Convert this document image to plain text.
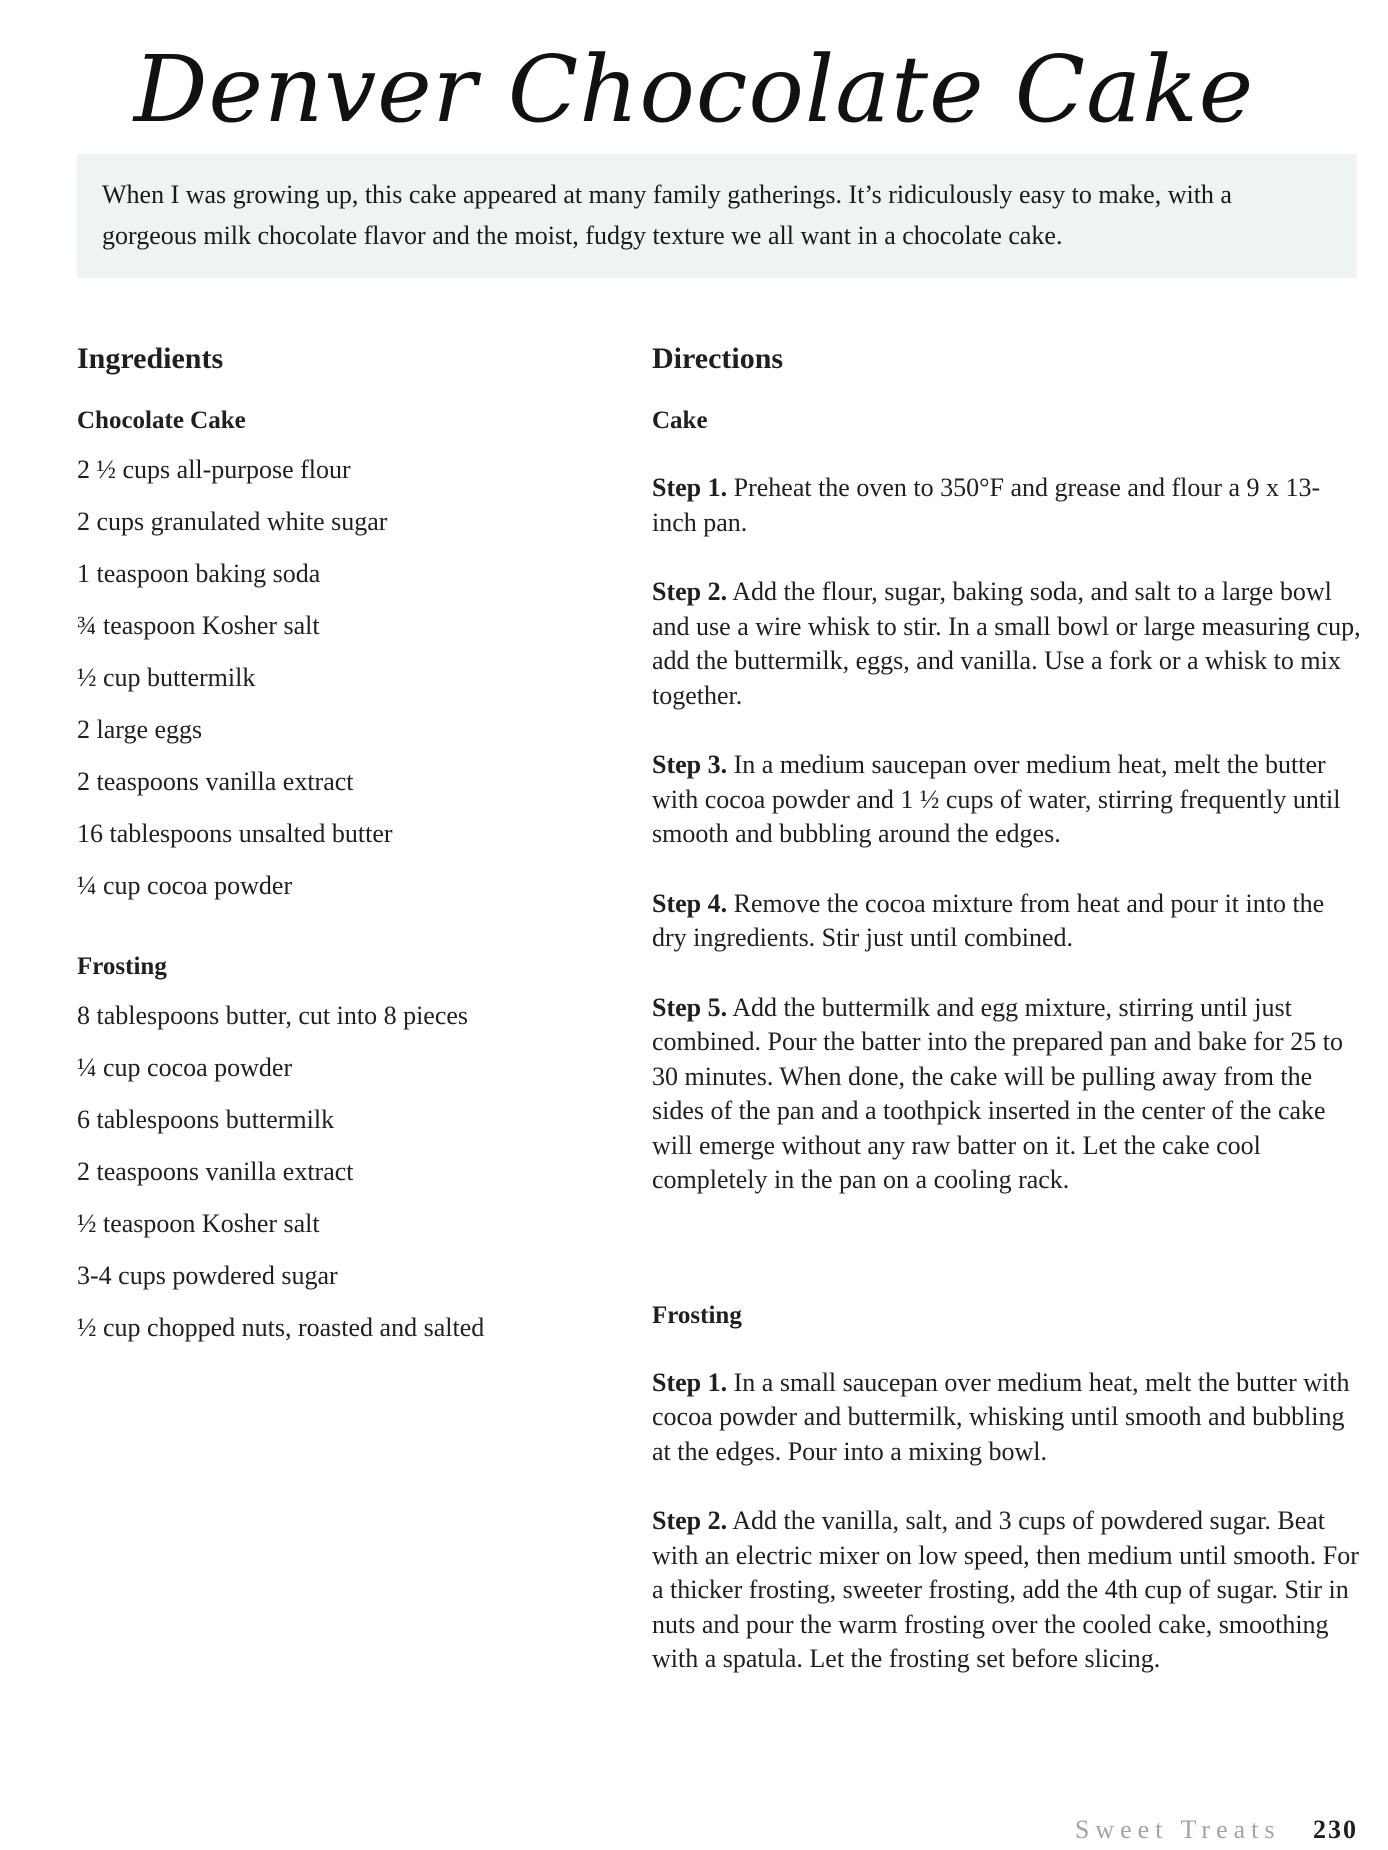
Denver Chocolate Cake
When I was growing up, this cake appeared at many family gatherings. It’s ridiculously easy to make, with a gorgeous milk chocolate flavor and the moist, fudgy texture we all want in a chocolate cake.
Ingredients
Chocolate Cake
2 ½ cups all-purpose flour
2 cups granulated white sugar
1 teaspoon baking soda
¾ teaspoon Kosher salt
½ cup buttermilk
2 large eggs
2 teaspoons vanilla extract
16 tablespoons unsalted butter
¼ cup cocoa powder
Frosting
8 tablespoons butter, cut into 8 pieces
¼ cup cocoa powder
6 tablespoons buttermilk
2 teaspoons vanilla extract
½ teaspoon Kosher salt
3-4 cups powdered sugar
½ cup chopped nuts, roasted and salted
Directions
Cake

Step 1. Preheat the oven to 350°F and grease and flour a 9 x 13-inch pan.

Step 2. Add the flour, sugar, baking soda, and salt to a large bowl and use a wire whisk to stir. In a small bowl or large measuring cup, add the buttermilk, eggs, and vanilla. Use a fork or a whisk to mix together.

Step 3. In a medium saucepan over medium heat, melt the butter with cocoa powder and 1 ½ cups of water, stirring frequently until smooth and bubbling around the edges.

Step 4. Remove the cocoa mixture from heat and pour it into the dry ingredients. Stir just until combined.

Step 5. Add the buttermilk and egg mixture, stirring until just combined. Pour the batter into the prepared pan and bake for 25 to 30 minutes. When done, the cake will be pulling away from the sides of the pan and a toothpick inserted in the center of the cake will emerge without any raw batter on it. Let the cake cool completely in the pan on a cooling rack.

Frosting

Step 1. In a small saucepan over medium heat, melt the butter with cocoa powder and buttermilk, whisking until smooth and bubbling at the edges. Pour into a mixing bowl.

Step 2. Add the vanilla, salt, and 3 cups of powdered sugar. Beat with an electric mixer on low speed, then medium until smooth. For a thicker frosting, sweeter frosting, add the 4th cup of sugar. Stir in nuts and pour the warm frosting over the cooled cake, smoothing with a spatula. Let the frosting set before slicing.

Sweet Treats 230
